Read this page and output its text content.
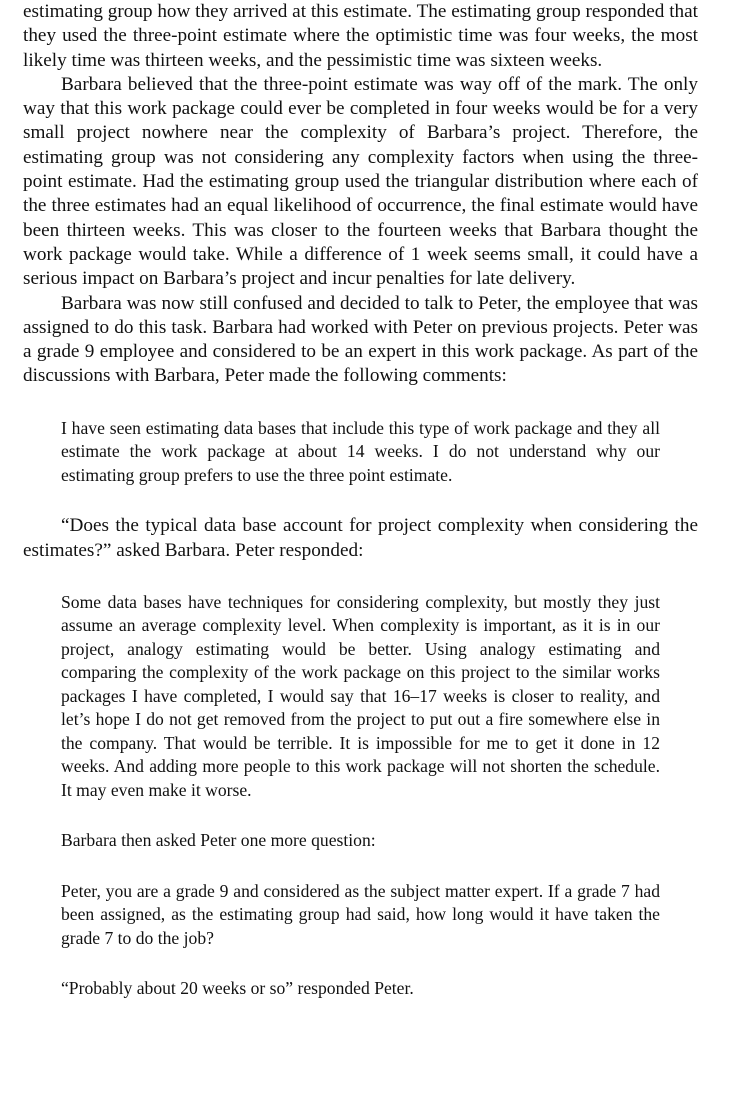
estimating group how they arrived at this estimate. The estimating group responded that they used the three-point estimate where the optimistic time was four weeks, the most likely time was thirteen weeks, and the pessimistic time was sixteen weeks.

Barbara believed that the three-point estimate was way off of the mark. The only way that this work package could ever be completed in four weeks would be for a very small project nowhere near the complexity of Barbara’s project. Therefore, the estimating group was not considering any complexity factors when using the three-point estimate. Had the estimating group used the triangular distribution where each of the three estimates had an equal likelihood of occurrence, the final estimate would have been thirteen weeks. This was closer to the fourteen weeks that Barbara thought the work package would take. While a difference of 1 week seems small, it could have a serious impact on Barbara’s project and incur penalties for late delivery.

Barbara was now still confused and decided to talk to Peter, the employee that was assigned to do this task. Barbara had worked with Peter on previous projects. Peter was a grade 9 employee and considered to be an expert in this work package. As part of the discussions with Barbara, Peter made the following comments:

I have seen estimating data bases that include this type of work package and they all estimate the work package at about 14 weeks. I do not understand why our estimating group prefers to use the three point estimate.

“Does the typical data base account for project complexity when considering the estimates?” asked Barbara. Peter responded:

Some data bases have techniques for considering complexity, but mostly they just assume an average complexity level. When complexity is important, as it is in our project, analogy estimating would be better. Using analogy estimating and comparing the complexity of the work package on this project to the similar works packages I have completed, I would say that 16–17 weeks is closer to reality, and let’s hope I do not get removed from the project to put out a fire somewhere else in the company. That would be terrible. It is impossible for me to get it done in 12 weeks. And adding more people to this work package will not shorten the schedule. It may even make it worse.

Barbara then asked Peter one more question:

Peter, you are a grade 9 and considered as the subject matter expert. If a grade 7 had been assigned, as the estimating group had said, how long would it have taken the grade 7 to do the job?

“Probably about 20 weeks or so” responded Peter.
